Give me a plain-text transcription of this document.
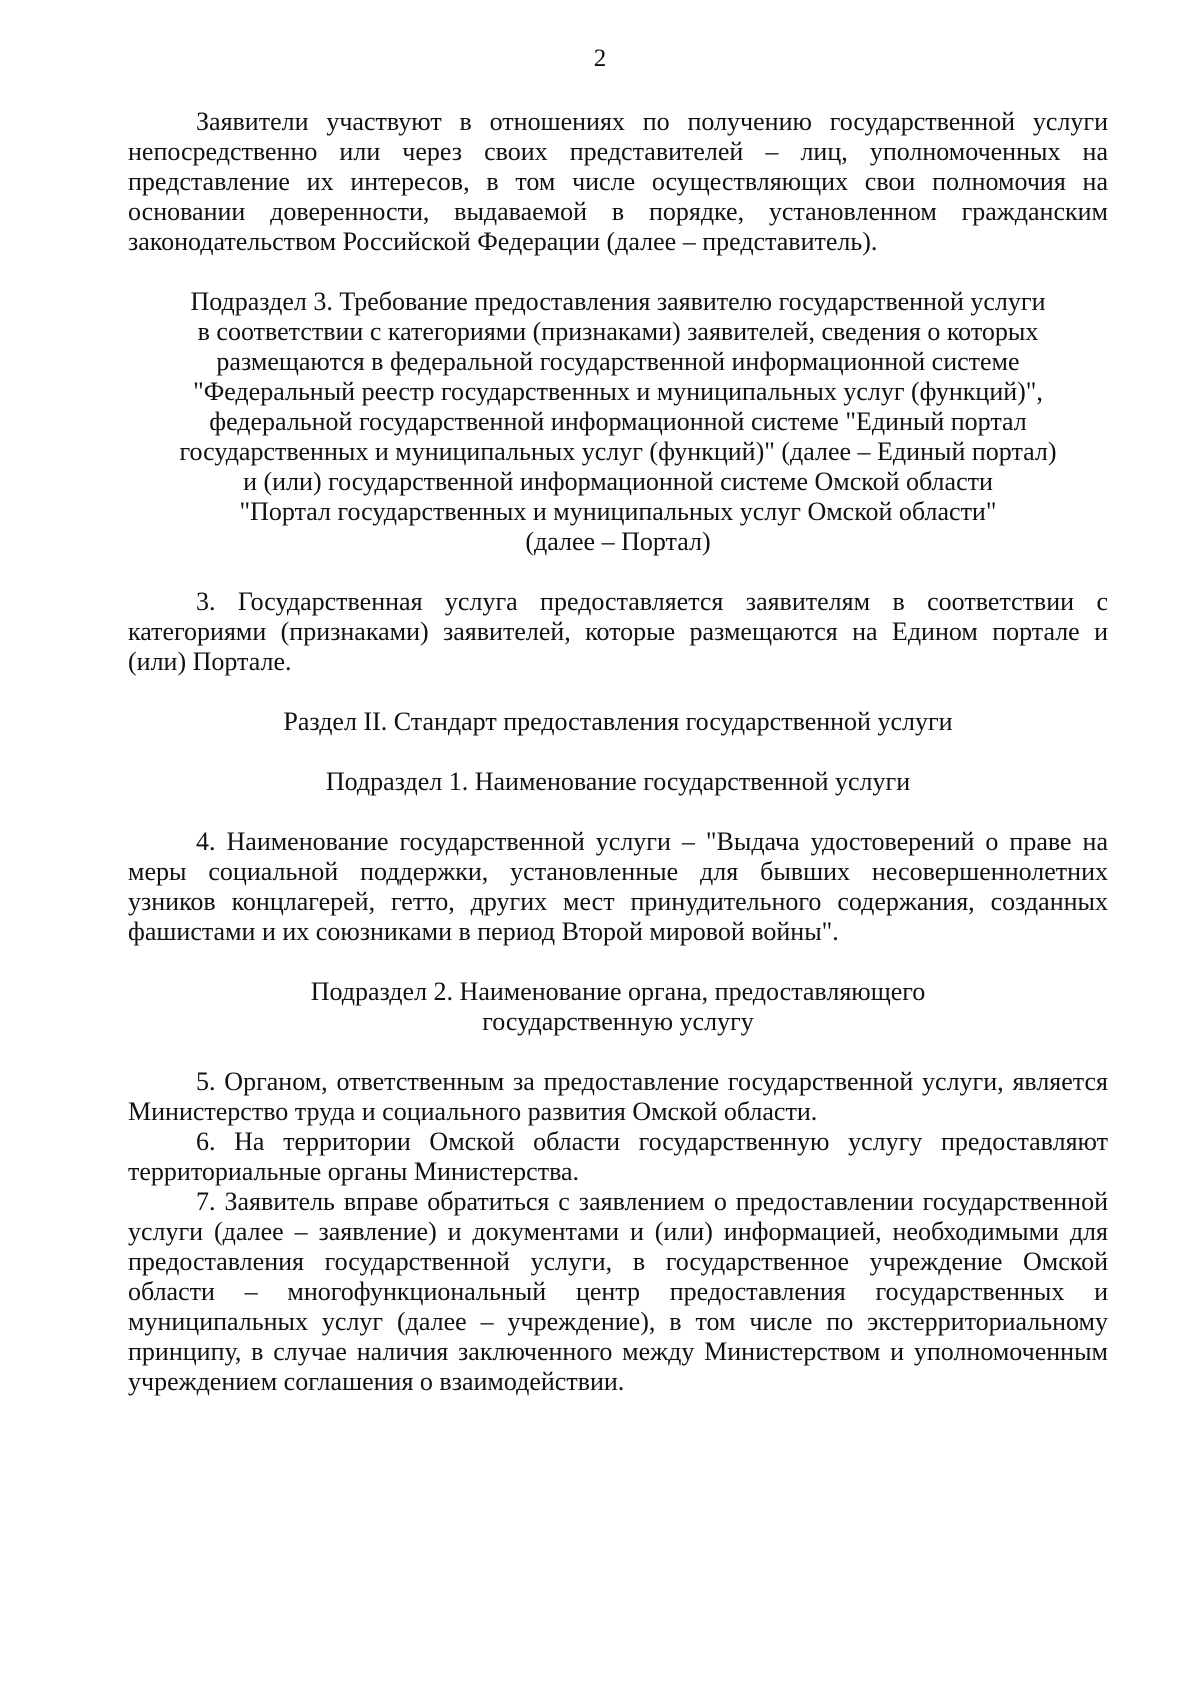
2

Заявители участвуют в отношениях по получению государственной услуги непосредственно или через своих представителей – лиц, уполномоченных на представление их интересов, в том числе осуществляющих свои полномочия на основании доверенности, выдаваемой в порядке, установленном гражданским законодательством Российской Федерации (далее – представитель).

Подраздел 3. Требование предоставления заявителю государственной услуги
в соответствии с категориями (признаками) заявителей, сведения о которых
размещаются в федеральной государственной информационной системе
"Федеральный реестр государственных и муниципальных услуг (функций)",
федеральной государственной информационной системе "Единый портал
государственных и муниципальных услуг (функций)" (далее – Единый портал)
и (или) государственной информационной системе Омской области
"Портал государственных и муниципальных услуг Омской области"
(далее – Портал)

3. Государственная услуга предоставляется заявителям в соответствии с категориями (признаками) заявителей, которые размещаются на Едином портале и (или) Портале.

Раздел II. Стандарт предоставления государственной услуги
Подраздел 1. Наименование государственной услуги

4. Наименование государственной услуги – "Выдача удостоверений о праве на меры социальной поддержки, установленные для бывших несовершеннолетних узников концлагерей, гетто, других мест принудительного содержания, созданных фашистами и их союзниками в период Второй мировой войны".

Подраздел 2. Наименование органа, предоставляющего
государственную услугу

5. Органом, ответственным за предоставление государственной услуги, является Министерство труда и социального развития Омской области.

6. На территории Омской области государственную услугу предоставляют территориальные органы Министерства.

7. Заявитель вправе обратиться с заявлением о предоставлении государственной услуги (далее – заявление) и документами и (или) информацией, необходимыми для предоставления государственной услуги, в государственное учреждение Омской области – многофункциональный центр предоставления государственных и муниципальных услуг (далее – учреждение), в том числе по экстерриториальному принципу, в случае наличия заключенного между Министерством и уполномоченным учреждением соглашения о взаимодействии.
